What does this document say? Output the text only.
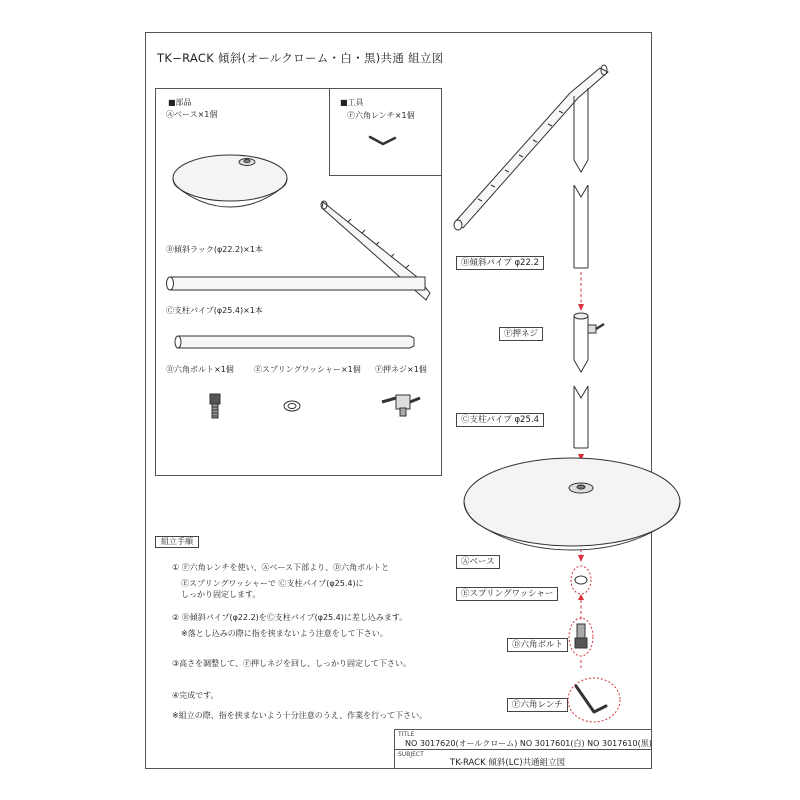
TK−RACK 傾斜(オールクローム・白・黒)共通 組立図
■部品
Ⓐベース×1個
■工具
Ⓕ六角レンチ×1個
Ⓑ傾斜ラック(φ22.2)×1本
Ⓒ支柱パイプ(φ25.4)×1本
Ⓓ六角ボルト×1個	Ⓔスプリングワッシャー×1個 Ⓕ押ネジ×1個
Ⓑ傾斜パイプ φ22.2
Ⓕ押ネジ
Ⓒ支柱パイプ φ25.4
Ⓐベース
Ⓔスプリングワッシャー
Ⓓ六角ボルト
Ⓕ六角レンチ
組立手順
① Ⓕ六角レンチを使い、Ⓐベース下部より、Ⓓ六角ボルトと
Ⓔスプリングワッシャーで Ⓒ支柱パイプ(φ25.4)に
しっかり固定します。
② Ⓑ傾斜パイプ(φ22.2)をⒸ支柱パイプ(φ25.4)に差し込みます。
※落とし込みの際に指を挟まないよう注意をして下さい。
③高さを調整して、Ⓕ押しネジを回し、しっかり固定して下さい。
④完成です。
※組立の際、指を挟まないよう十分注意のうえ、作業を行って下さい。
TITLE
NO 3017620(オールクローム) NO 3017601(白) NO 3017610(黒)
SUBJECT
TK-RACK 傾斜(LC)共通組立図
